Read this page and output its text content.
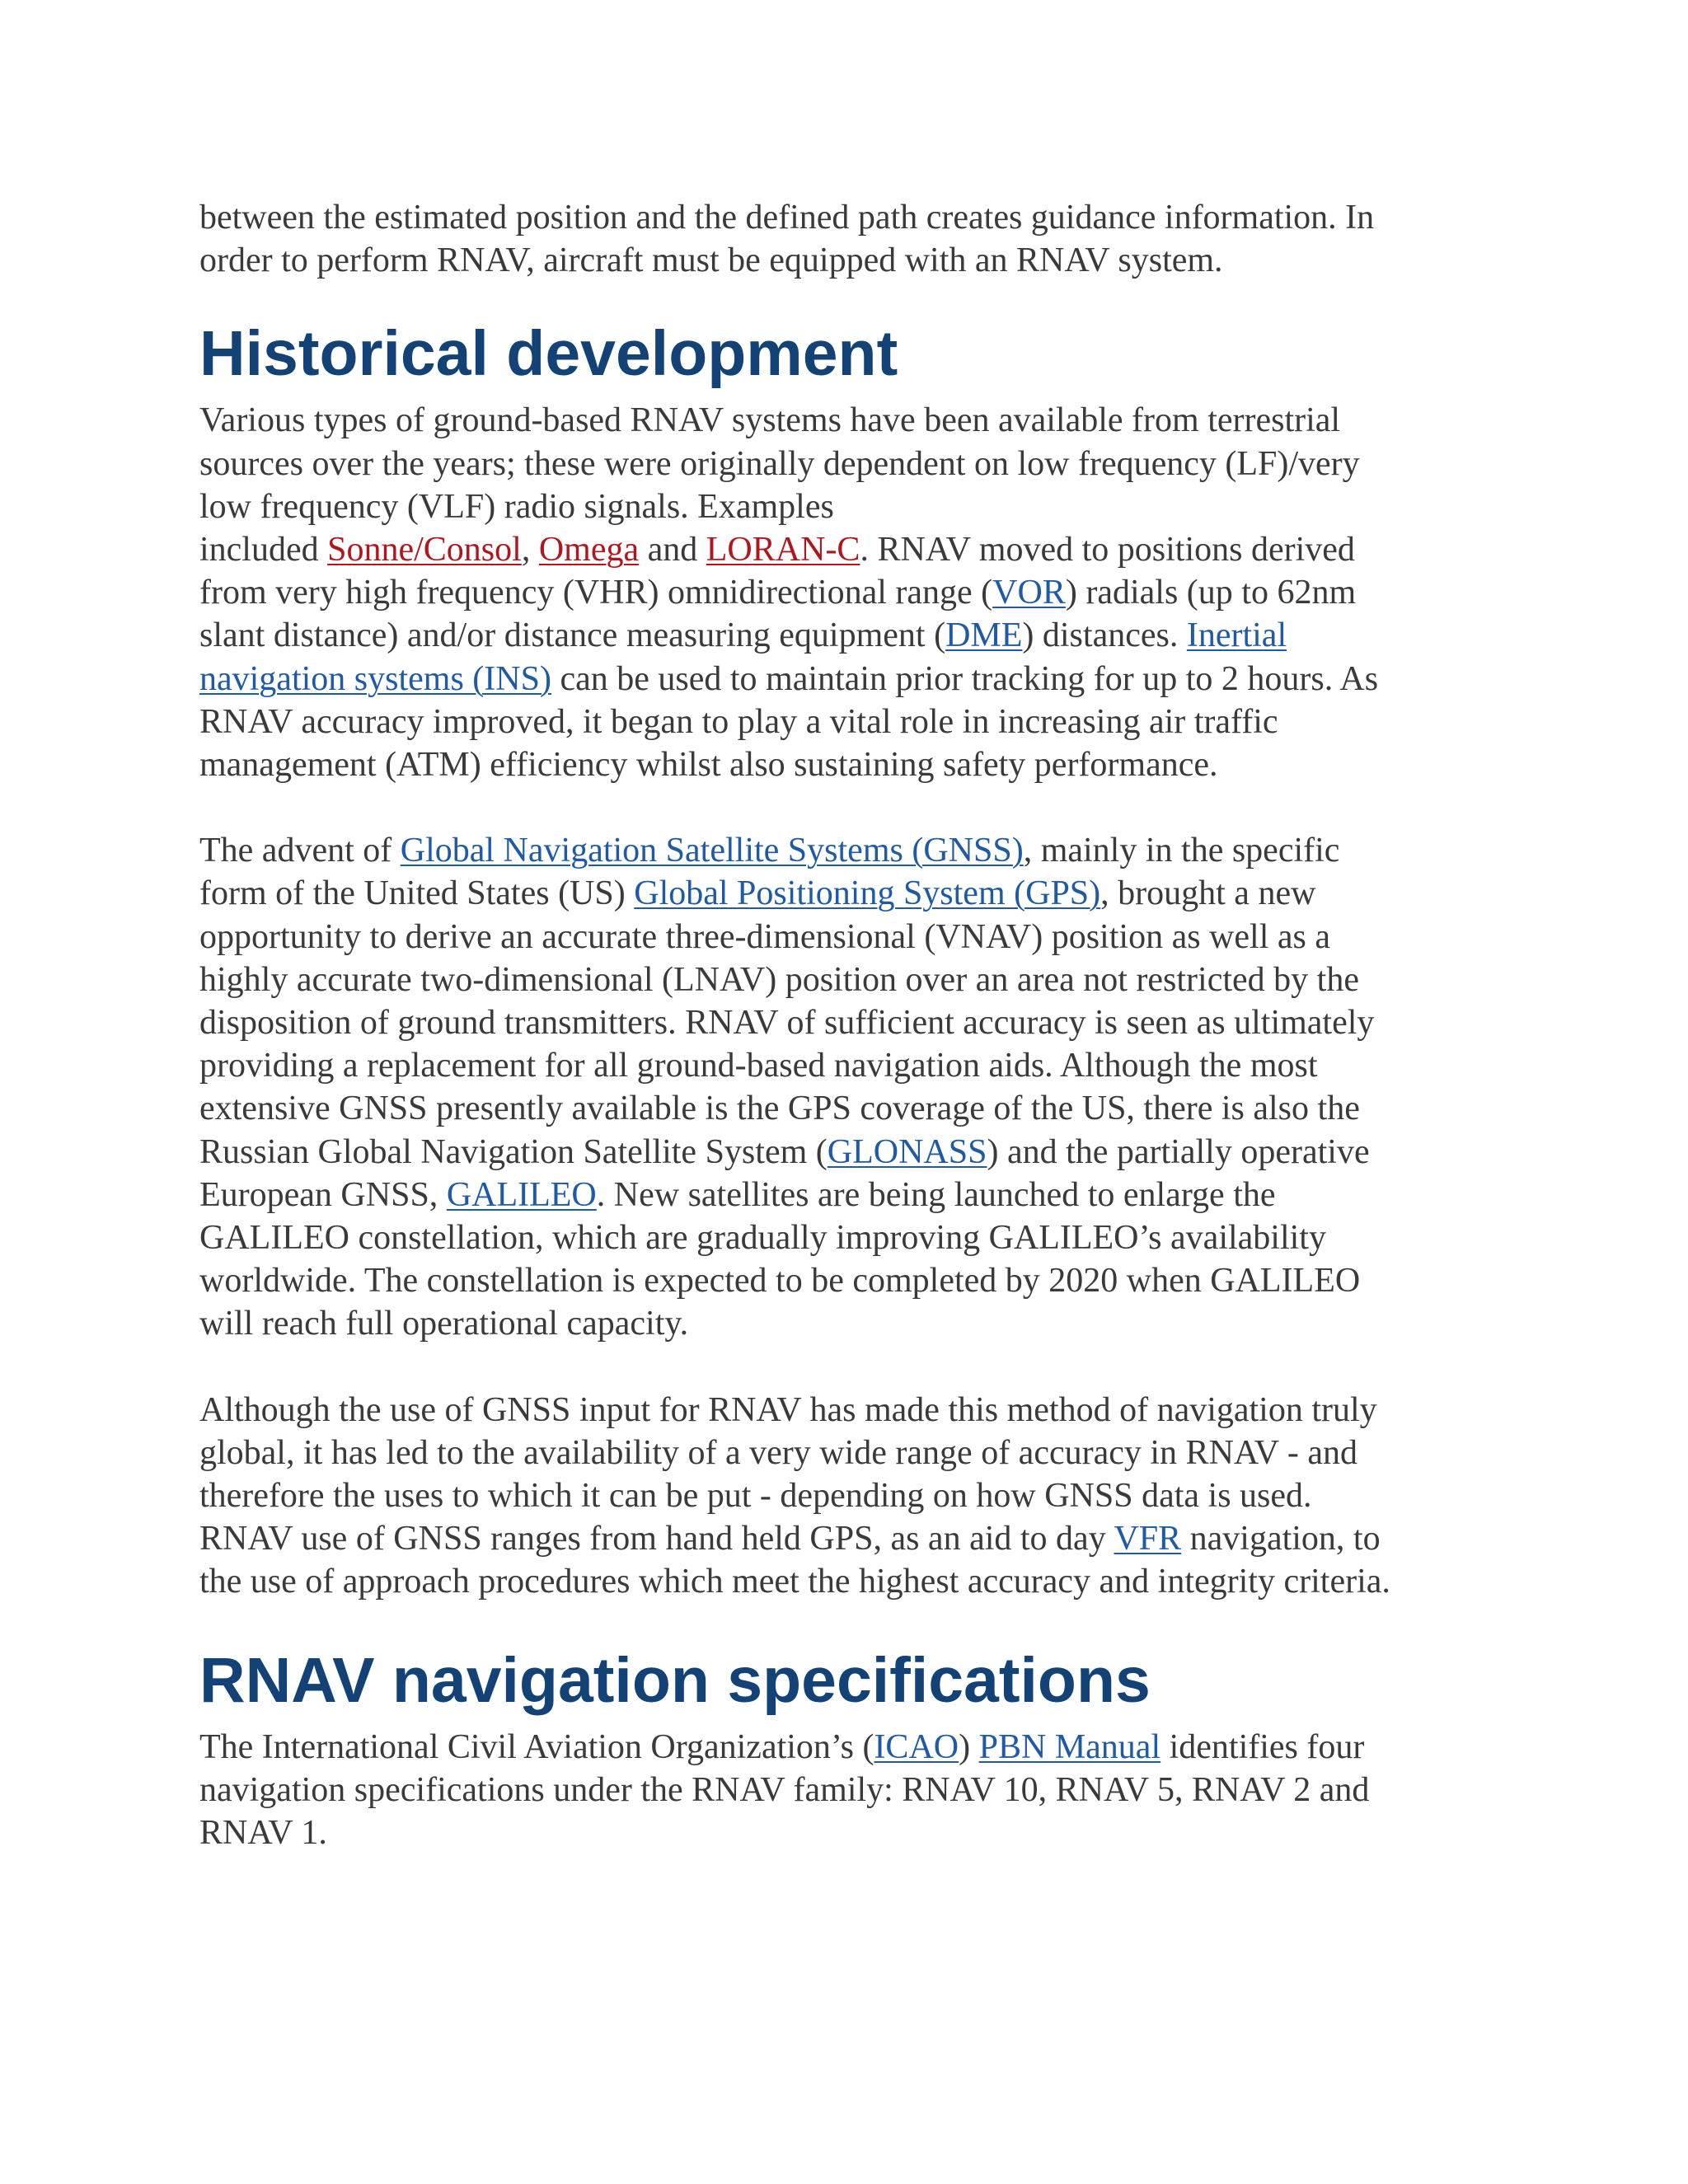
between the estimated position and the defined path creates guidance information. In
order to perform RNAV, aircraft must be equipped with an RNAV system.

Historical development

Various types of ground-based RNAV systems have been available from terrestrial
sources over the years; these were originally dependent on low frequency (LF)/very
low frequency (VLF) radio signals. Examples
included Sonne/Consol, Omega and LORAN-C. RNAV moved to positions derived
from very high frequency (VHR) omnidirectional range (VOR) radials (up to 62nm
slant distance) and/or distance measuring equipment (DME) distances. Inertial
navigation systems (INS) can be used to maintain prior tracking for up to 2 hours. As
RNAV accuracy improved, it began to play a vital role in increasing air traffic
management (ATM) efficiency whilst also sustaining safety performance.

The advent of Global Navigation Satellite Systems (GNSS), mainly in the specific
form of the United States (US) Global Positioning System (GPS), brought a new
opportunity to derive an accurate three-dimensional (VNAV) position as well as a
highly accurate two-dimensional (LNAV) position over an area not restricted by the
disposition of ground transmitters. RNAV of sufficient accuracy is seen as ultimately
providing a replacement for all ground-based navigation aids. Although the most
extensive GNSS presently available is the GPS coverage of the US, there is also the
Russian Global Navigation Satellite System (GLONASS) and the partially operative
European GNSS, GALILEO. New satellites are being launched to enlarge the
GALILEO constellation, which are gradually improving GALILEO’s availability
worldwide. The constellation is expected to be completed by 2020 when GALILEO
will reach full operational capacity.

Although the use of GNSS input for RNAV has made this method of navigation truly
global, it has led to the availability of a very wide range of accuracy in RNAV - and
therefore the uses to which it can be put - depending on how GNSS data is used.
RNAV use of GNSS ranges from hand held GPS, as an aid to day VFR navigation, to
the use of approach procedures which meet the highest accuracy and integrity criteria.

RNAV navigation specifications

The International Civil Aviation Organization’s (ICAO) PBN Manual identifies four
navigation specifications under the RNAV family: RNAV 10, RNAV 5, RNAV 2 and
RNAV 1.
